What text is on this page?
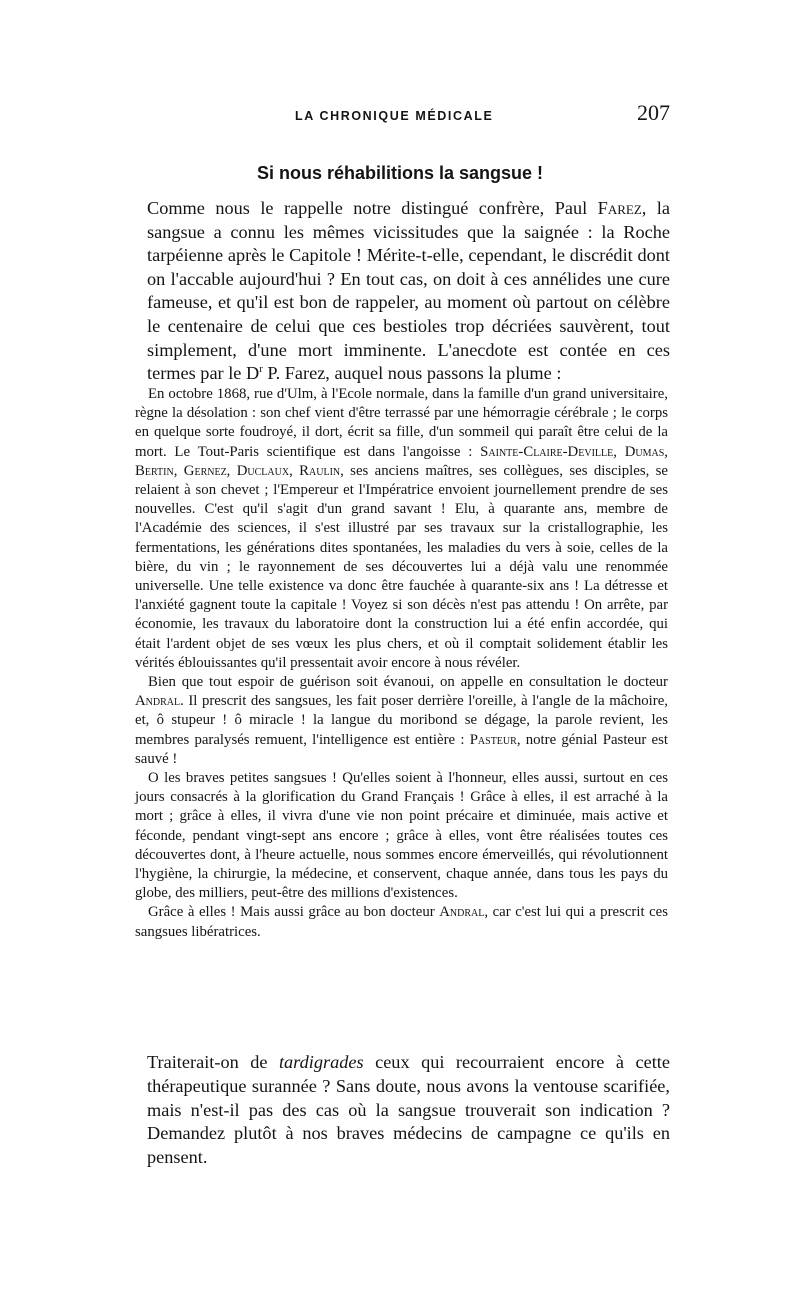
LA CHRONIQUE MÉDICALE	207
Si nous réhabilitions la sangsue !

Comme nous le rappelle notre distingué confrère, Paul Farez, la sangsue a connu les mêmes vicissitudes que la saignée : la Roche tarpéienne après le Capitole ! Mérite-t-elle, cependant, le discrédit dont on l'accable aujourd'hui ? En tout cas, on doit à ces annélides une cure fameuse, et qu'il est bon de rappeler, au moment où partout on célèbre le centenaire de celui que ces bestioles trop décriées sauvèrent, tout simplement, d'une mort imminente. L'anecdote est contée en ces termes par le $D^r$ P. Farez, auquel nous passons la plume :

En octobre 1868, rue d'Ulm, à l'Ecole normale, dans la famille d'un grand universitaire, règne la désolation : son chef vient d'être terrassé par une hémorragie cérébrale ; le corps en quelque sorte foudroyé, il dort, écrit sa fille, d'un sommeil qui paraît être celui de la mort. Le Tout-Paris scientifique est dans l'angoisse : Sainte-Claire-Deville, Dumas, Bertin, Gernez, Duclaux, Raulin, ses anciens maîtres, ses collègues, ses disciples, se relaient à son chevet ; l'Empereur et l'Impératrice envoient journellement prendre de ses nouvelles. C'est qu'il s'agit d'un grand savant ! Elu, à quarante ans, membre de l'Académie des sciences, il s'est illustré par ses travaux sur la cristallographie, les fermentations, les générations dites spontanées, les maladies du vers à soie, celles de la bière, du vin ; le rayonnement de ses découvertes lui a déjà valu une renommée universelle. Une telle existence va donc être fauchée à quarante-six ans ! La détresse et l'anxiété gagnent toute la capitale ! Voyez si son décès n'est pas attendu ! On arrête, par économie, les travaux du laboratoire dont la construction lui a été enfin accordée, qui était l'ardent objet de ses vœux les plus chers, et où il comptait solidement établir les vérités éblouissantes qu'il pressentait avoir encore à nous révéler.

Bien que tout espoir de guérison soit évanoui, on appelle en consultation le docteur Andral. Il prescrit des sangsues, les fait poser derrière l'oreille, à l'angle de la mâchoire, et, ô stupeur ! ô miracle ! la langue du moribond se dégage, la parole revient, les membres paralysés remuent, l'intelligence est entière : Pasteur, notre génial Pasteur est sauvé !

O les braves petites sangsues ! Qu'elles soient à l'honneur, elles aussi, surtout en ces jours consacrés à la glorification du Grand Français ! Grâce à elles, il est arraché à la mort ; grâce à elles, il vivra d'une vie non point précaire et diminuée, mais active et féconde, pendant vingt-sept ans encore ; grâce à elles, vont être réalisées toutes ces découvertes dont, à l'heure actuelle, nous sommes encore émerveillés, qui révolutionnent l'hygiène, la chirurgie, la médecine, et conservent, chaque année, dans tous les pays du globe, des milliers, peut-être des millions d'existences.

Grâce à elles ! Mais aussi grâce au bon docteur Andral, car c'est lui qui a prescrit ces sangsues libératrices.

Traiterait-on de tardigrades ceux qui recourraient encore à cette thérapeutique surannée ? Sans doute, nous avons la ventouse scarifiée, mais n'est-il pas des cas où la sangsue trouverait son indication ? Demandez plutôt à nos braves médecins de campagne ce qu'ils en pensent.
